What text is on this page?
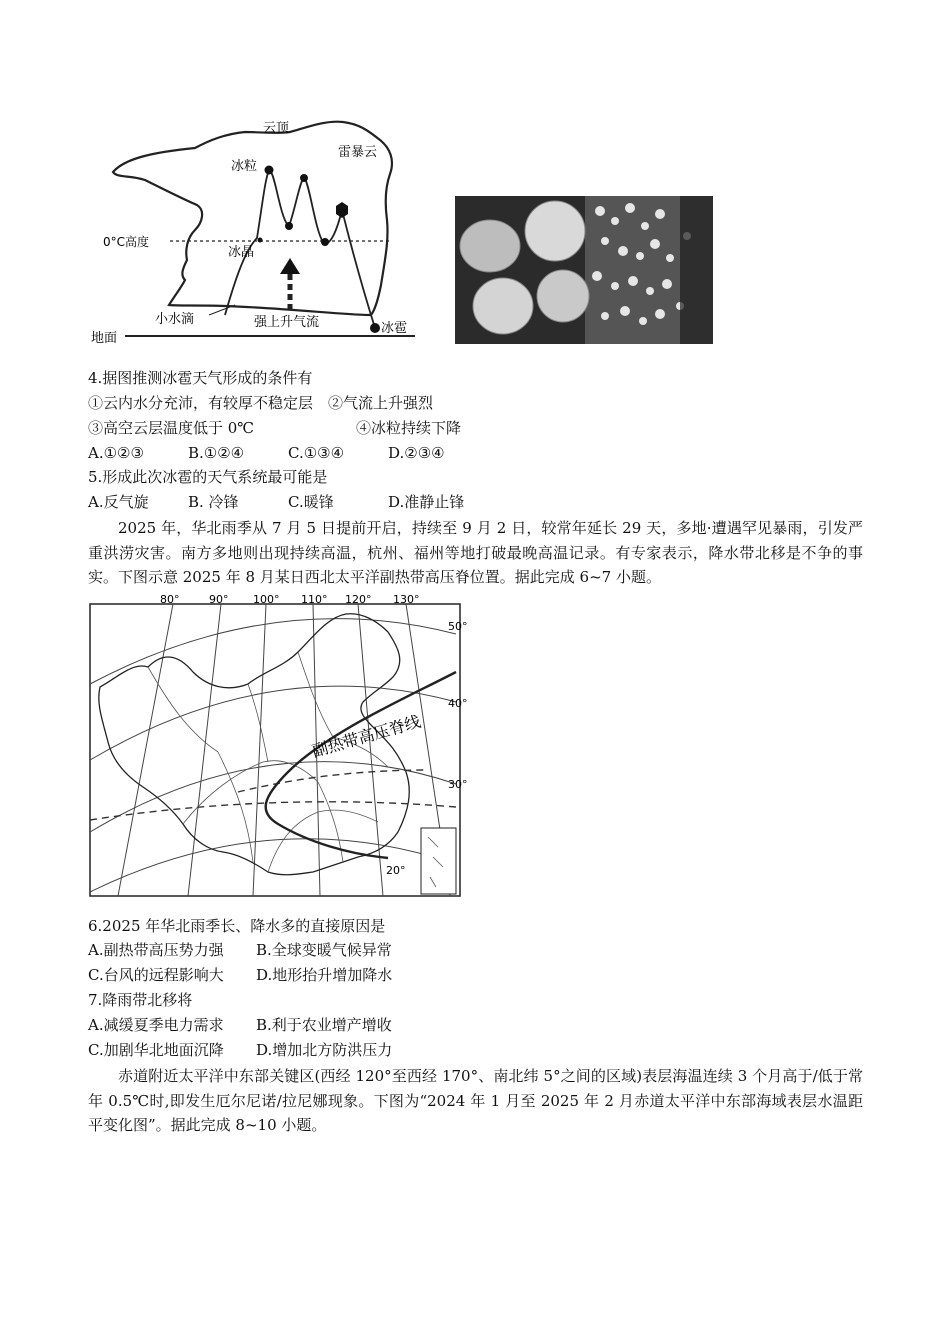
云顶
雷暴云
冰粒
0°C高度
冰晶
强上升气流
小水滴
地面
冰雹
4.据图推测冰雹天气形成的条件有
①云内水分充沛，有较厚不稳定层　②气流上升强烈
③高空云层温度低于 0℃	④冰粒持续下降
A.①②③	B.①②④	C.①③④	D.②③④
5.形成此次冰雹的天气系统最可能是
A.反气旋	B. 冷锋	C.暖锋	D.准静止锋
2025 年，华北雨季从 7 月 5 日提前开启，持续至 9 月 2 日，较常年延长 29 天，多地·遭遇罕见暴雨，引发严重洪涝灾害。南方多地则出现持续高温，杭州、福州等地打破最晚高温记录。有专家表示，降水带北移是不争的事实。下图示意 2025 年 8 月某日西北太平洋副热带高压脊位置。据此完成 6~7 小题。
80°	90° 100° 110° 120° 130°
50°
40°
30°
20°
副热带高压脊线
6.2025 年华北雨季长、降水多的直接原因是
A.副热带高压势力强 B.全球变暖气候异常
C.台风的远程影响大 D.地形抬升增加降水
7.降雨带北移将
A.减缓夏季电力需求 B.利于农业增产增收
C.加剧华北地面沉降 D.增加北方防洪压力
赤道附近太平洋中东部关键区(西经 120°至西经 170°、南北纬 5°之间的区域)表层海温连续 3 个月高于/低于常年 0.5℃时,即发生厄尔尼诺/拉尼娜现象。下图为“2024 年 1 月至 2025 年 2 月赤道太平洋中东部海域表层水温距平变化图”。据此完成 8~10 小题。
